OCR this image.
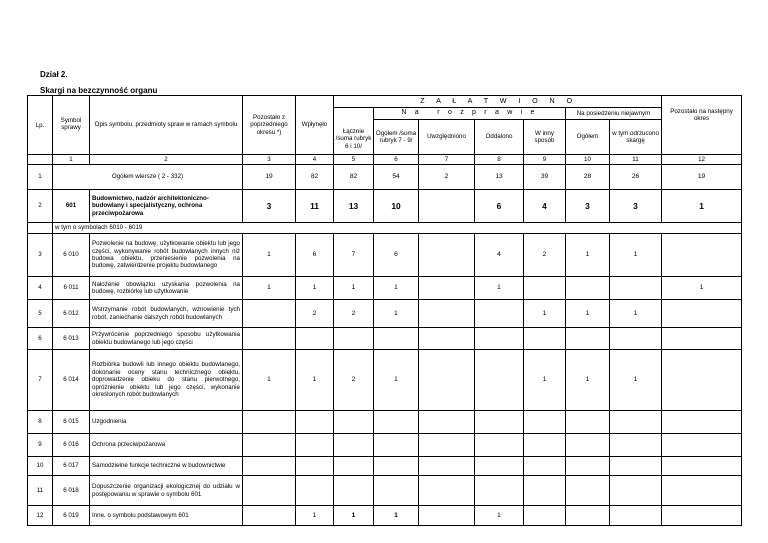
Dział 2.
Skargi na bezczynność organu
Lp.	Symbol sprawy	Opis symbolu, przedmioty spraw w ramach symbolu	Pozostało z poprzedniego okresu *)	Wpłynęło	Z  A  Ł  A  T  W  I  O  N  O							Pozostało na następny okres
					Łącznie /suma rubryk 6 i 10/	N a   r o z p r a w i e				Na posiedzeniu niejawnym		
						Ogółem /suma rubryk 7 - 9/	Uwzględniono	Oddalono	W inny sposób	Ogółem	w tym odrzucono skargę	
	1	2	3	4	5	6	7	8	9	10	11	12
1	Ogółem wiersze ( 2 - 332)		19	82	82	54	2	13	39	28	26	19
2	601	Budownictwo, nadzór architektoniczno-budowlany i specjalistyczny, ochrona przeciwpożarowa	3	11	13	10		6	4	3	3	1
	w tym o symbolach 6010 - 6019											
3	6 010	Pozwolenie na budowę, użytkowanie obiektu lub jego części, wykonywanie robót budowlanych innych niż budowa obiektu, przeniesienie pozwolenia na budowę, zatwierdzenie projektu budowlanego	1	6	7	6		4	2	1	1	
4	6 011	Nałożenie obowiązku uzyskania pozwolenia na budowę, rozbiórkę lub użytkowanie	1	1	1	1		1				1
5	6 012	Wstrzymanie robót budowlanych, wznowienie tych robót, zaniechanie dalszych robót budowlanych		2	2	1			1	1	1	
6	6 013	Przywrócenie poprzedniego sposobu użytkowania obiektu budowlanego lub jego części										
7	6 014	Rozbiórka budowli lub innego obiektu budowlanego, dokonanie oceny stanu technicznego obiektu, doprowadzenie obieku do stanu pierwotnego, opróżnienie obiektu lub jego części, wykonanie określonych robót budowlanych	1	1	2	1			1	1	1	
8	6 015	Uzgodnienia										
9	6 016	Ochrona przeciwpożarowa										
10	6 017	Samodzielne funkcje techniczne w budownictwie										
11	6 018	Dopuszczenie organizacji ekologicznej do udziału w postępowaniu w sprawie o symbolu 601										
12	6 019	Inne, o symbolu podstawowym 601		1	1	1		1				
